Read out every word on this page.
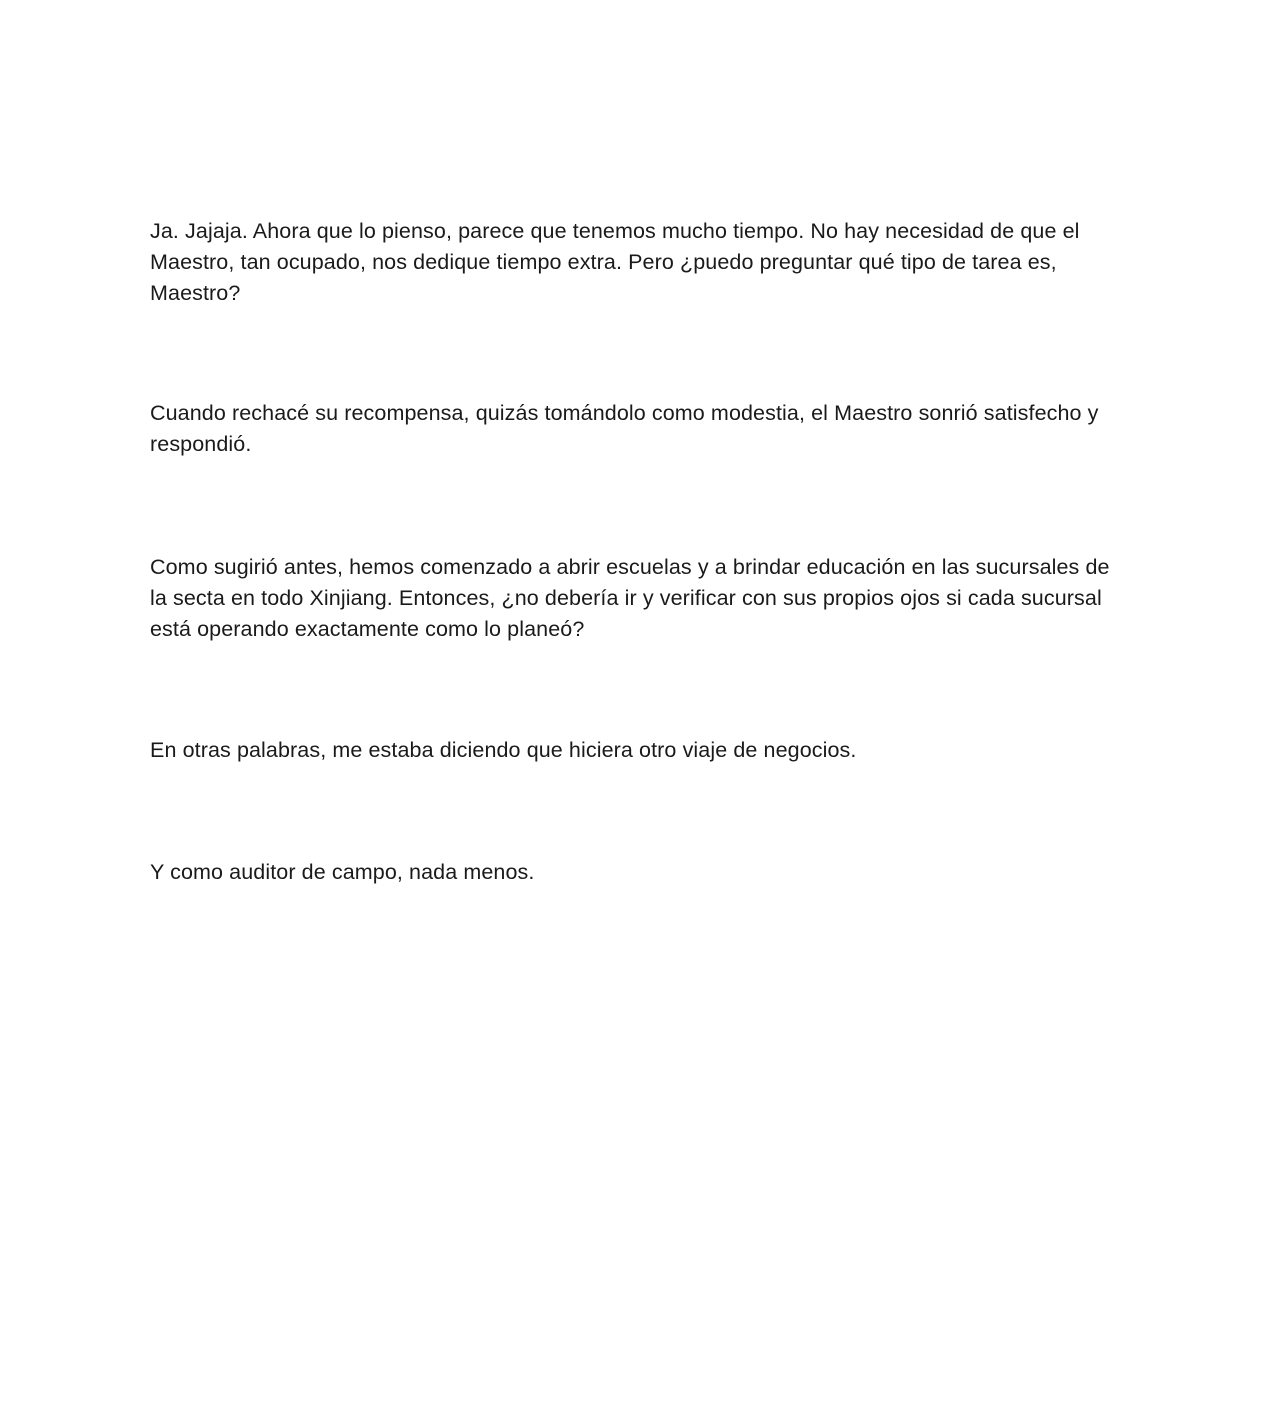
Ja. Jajaja. Ahora que lo pienso, parece que tenemos mucho tiempo. No hay necesidad de que el Maestro, tan ocupado, nos dedique tiempo extra. Pero ¿puedo preguntar qué tipo de tarea es, Maestro?

Cuando rechacé su recompensa, quizás tomándolo como modestia, el Maestro sonrió satisfecho y respondió.

Como sugirió antes, hemos comenzado a abrir escuelas y a brindar educación en las sucursales de la secta en todo Xinjiang. Entonces, ¿no debería ir y verificar con sus propios ojos si cada sucursal está operando exactamente como lo planeó?

En otras palabras, me estaba diciendo que hiciera otro viaje de negocios.

Y como auditor de campo, nada menos.
